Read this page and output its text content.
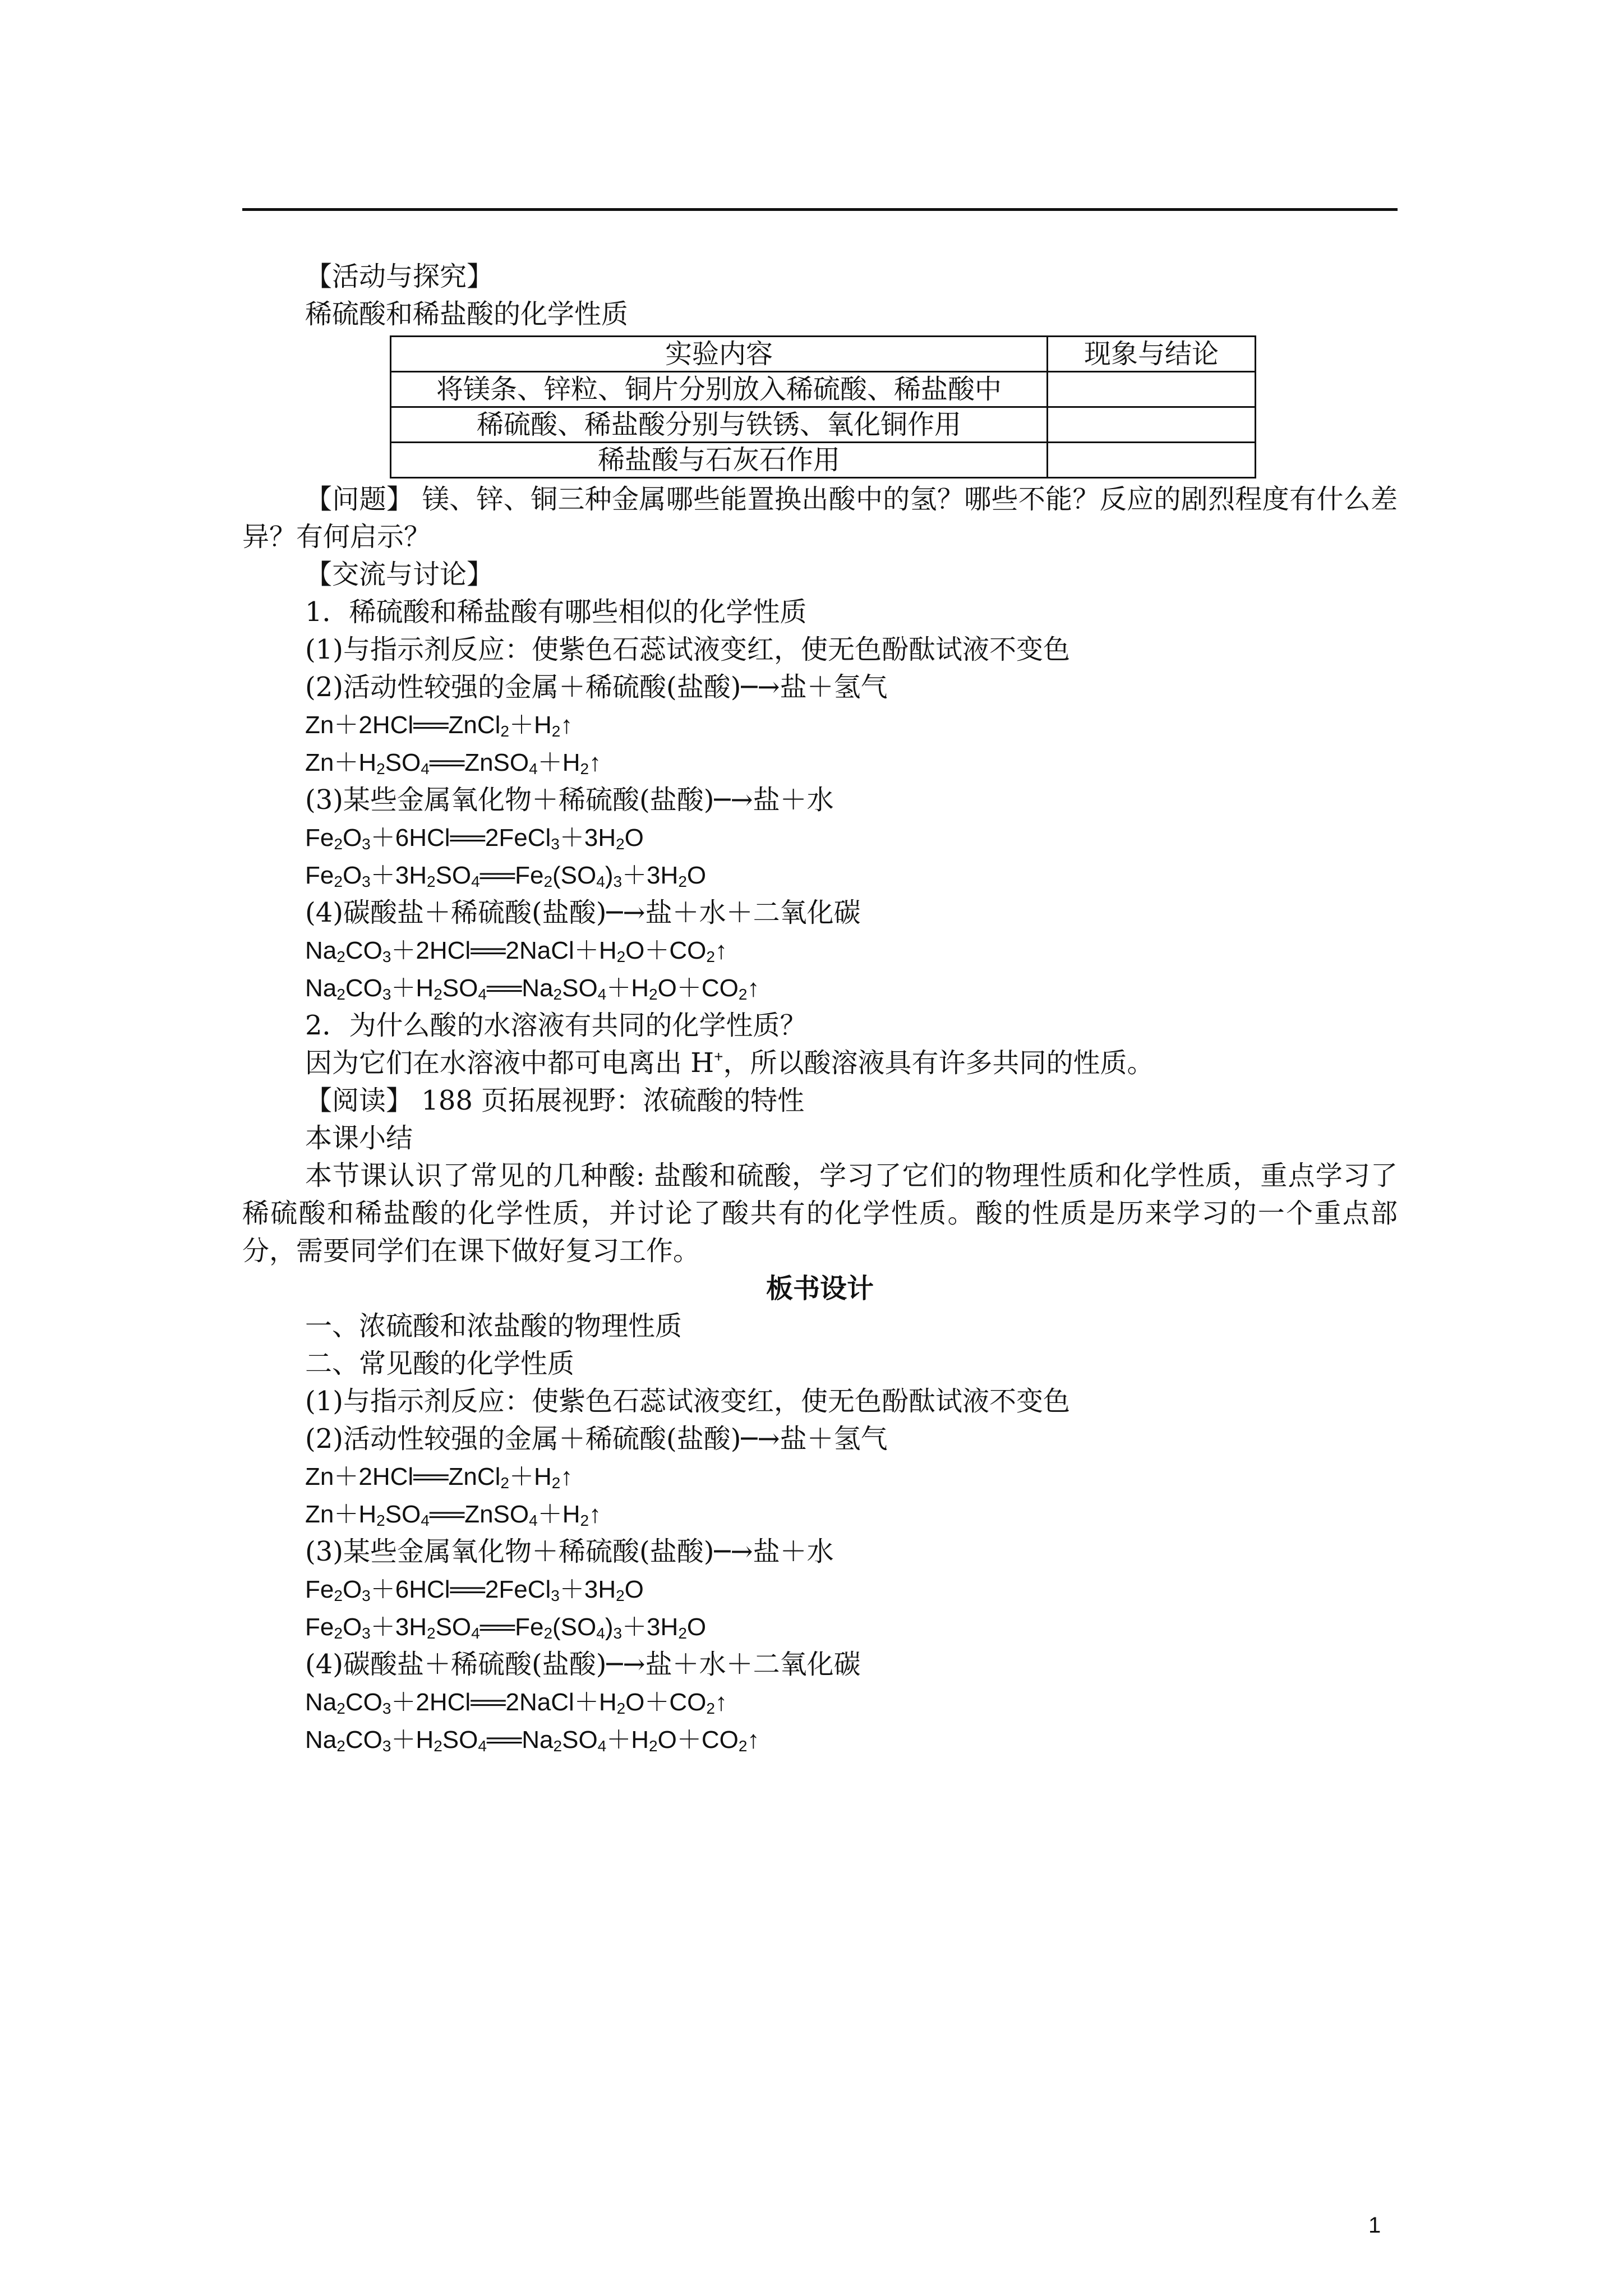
【活动与探究】
稀硫酸和稀盐酸的化学性质
实验内容	现象与结论
将镁条、锌粒、铜片分别放入稀硫酸、稀盐酸中	
稀硫酸、稀盐酸分别与铁锈、氧化铜作用	
稀盐酸与石灰石作用	
【问题】 镁、锌、铜三种金属哪些能置换出酸中的氢？哪些不能？反应的剧烈程度有什么差异？有何启示？
【交流与讨论】
1．稀硫酸和稀盐酸有哪些相似的化学性质
(1)与指示剂反应：使紫色石蕊试液变红，使无色酚酞试液不变色
(2)活动性较强的金属＋稀硫酸(盐酸)─→盐＋氢气
$Zn+2HCl══ZnCl_2+H_2↑$
$Zn+H_2SO_4══ZnSO_4+H_2↑$
(3)某些金属氧化物＋稀硫酸(盐酸)─→盐＋水
$Fe_2O_3+6HCl══2FeCl_3+3H_2O$
$Fe_2O_3+3H_2SO_4══Fe_2(SO_4)_3+3H_2O$
(4)碳酸盐＋稀硫酸(盐酸)─→盐＋水＋二氧化碳
$Na_2CO_3+2HCl══2NaCl+H_2O+CO_2↑$
$Na_2CO_3+H_2SO_4══Na_2SO_4+H_2O+CO_2↑$
2．为什么酸的水溶液有共同的化学性质？
因为它们在水溶液中都可电离出 H+，所以酸溶液具有许多共同的性质。
【阅读】 188 页拓展视野：浓硫酸的特性
本课小结
本节课认识了常见的几种酸: 盐酸和硫酸，学习了它们的物理性质和化学性质，重点学习了稀硫酸和稀盐酸的化学性质，并讨论了酸共有的化学性质。酸的性质是历来学习的一个重点部分，需要同学们在课下做好复习工作。
板书设计
一、浓硫酸和浓盐酸的物理性质
二、常见酸的化学性质
(1)与指示剂反应：使紫色石蕊试液变红，使无色酚酞试液不变色
(2)活动性较强的金属＋稀硫酸(盐酸)─→盐＋氢气
$Zn+2HCl══ZnCl_2+H_2↑$
$Zn+H_2SO_4══ZnSO_4+H_2↑$
(3)某些金属氧化物＋稀硫酸(盐酸)─→盐＋水
$Fe_2O_3+6HCl══2FeCl_3+3H_2O$
$Fe_2O_3+3H_2SO_4══Fe_2(SO_4)_3+3H_2O$
(4)碳酸盐＋稀硫酸(盐酸)─→盐＋水＋二氧化碳
$Na_2CO_3+2HCl══2NaCl+H_2O+CO_2↑$
$Na_2CO_3+H_2SO_4══Na_2SO_4+H_2O+CO_2↑$
1
